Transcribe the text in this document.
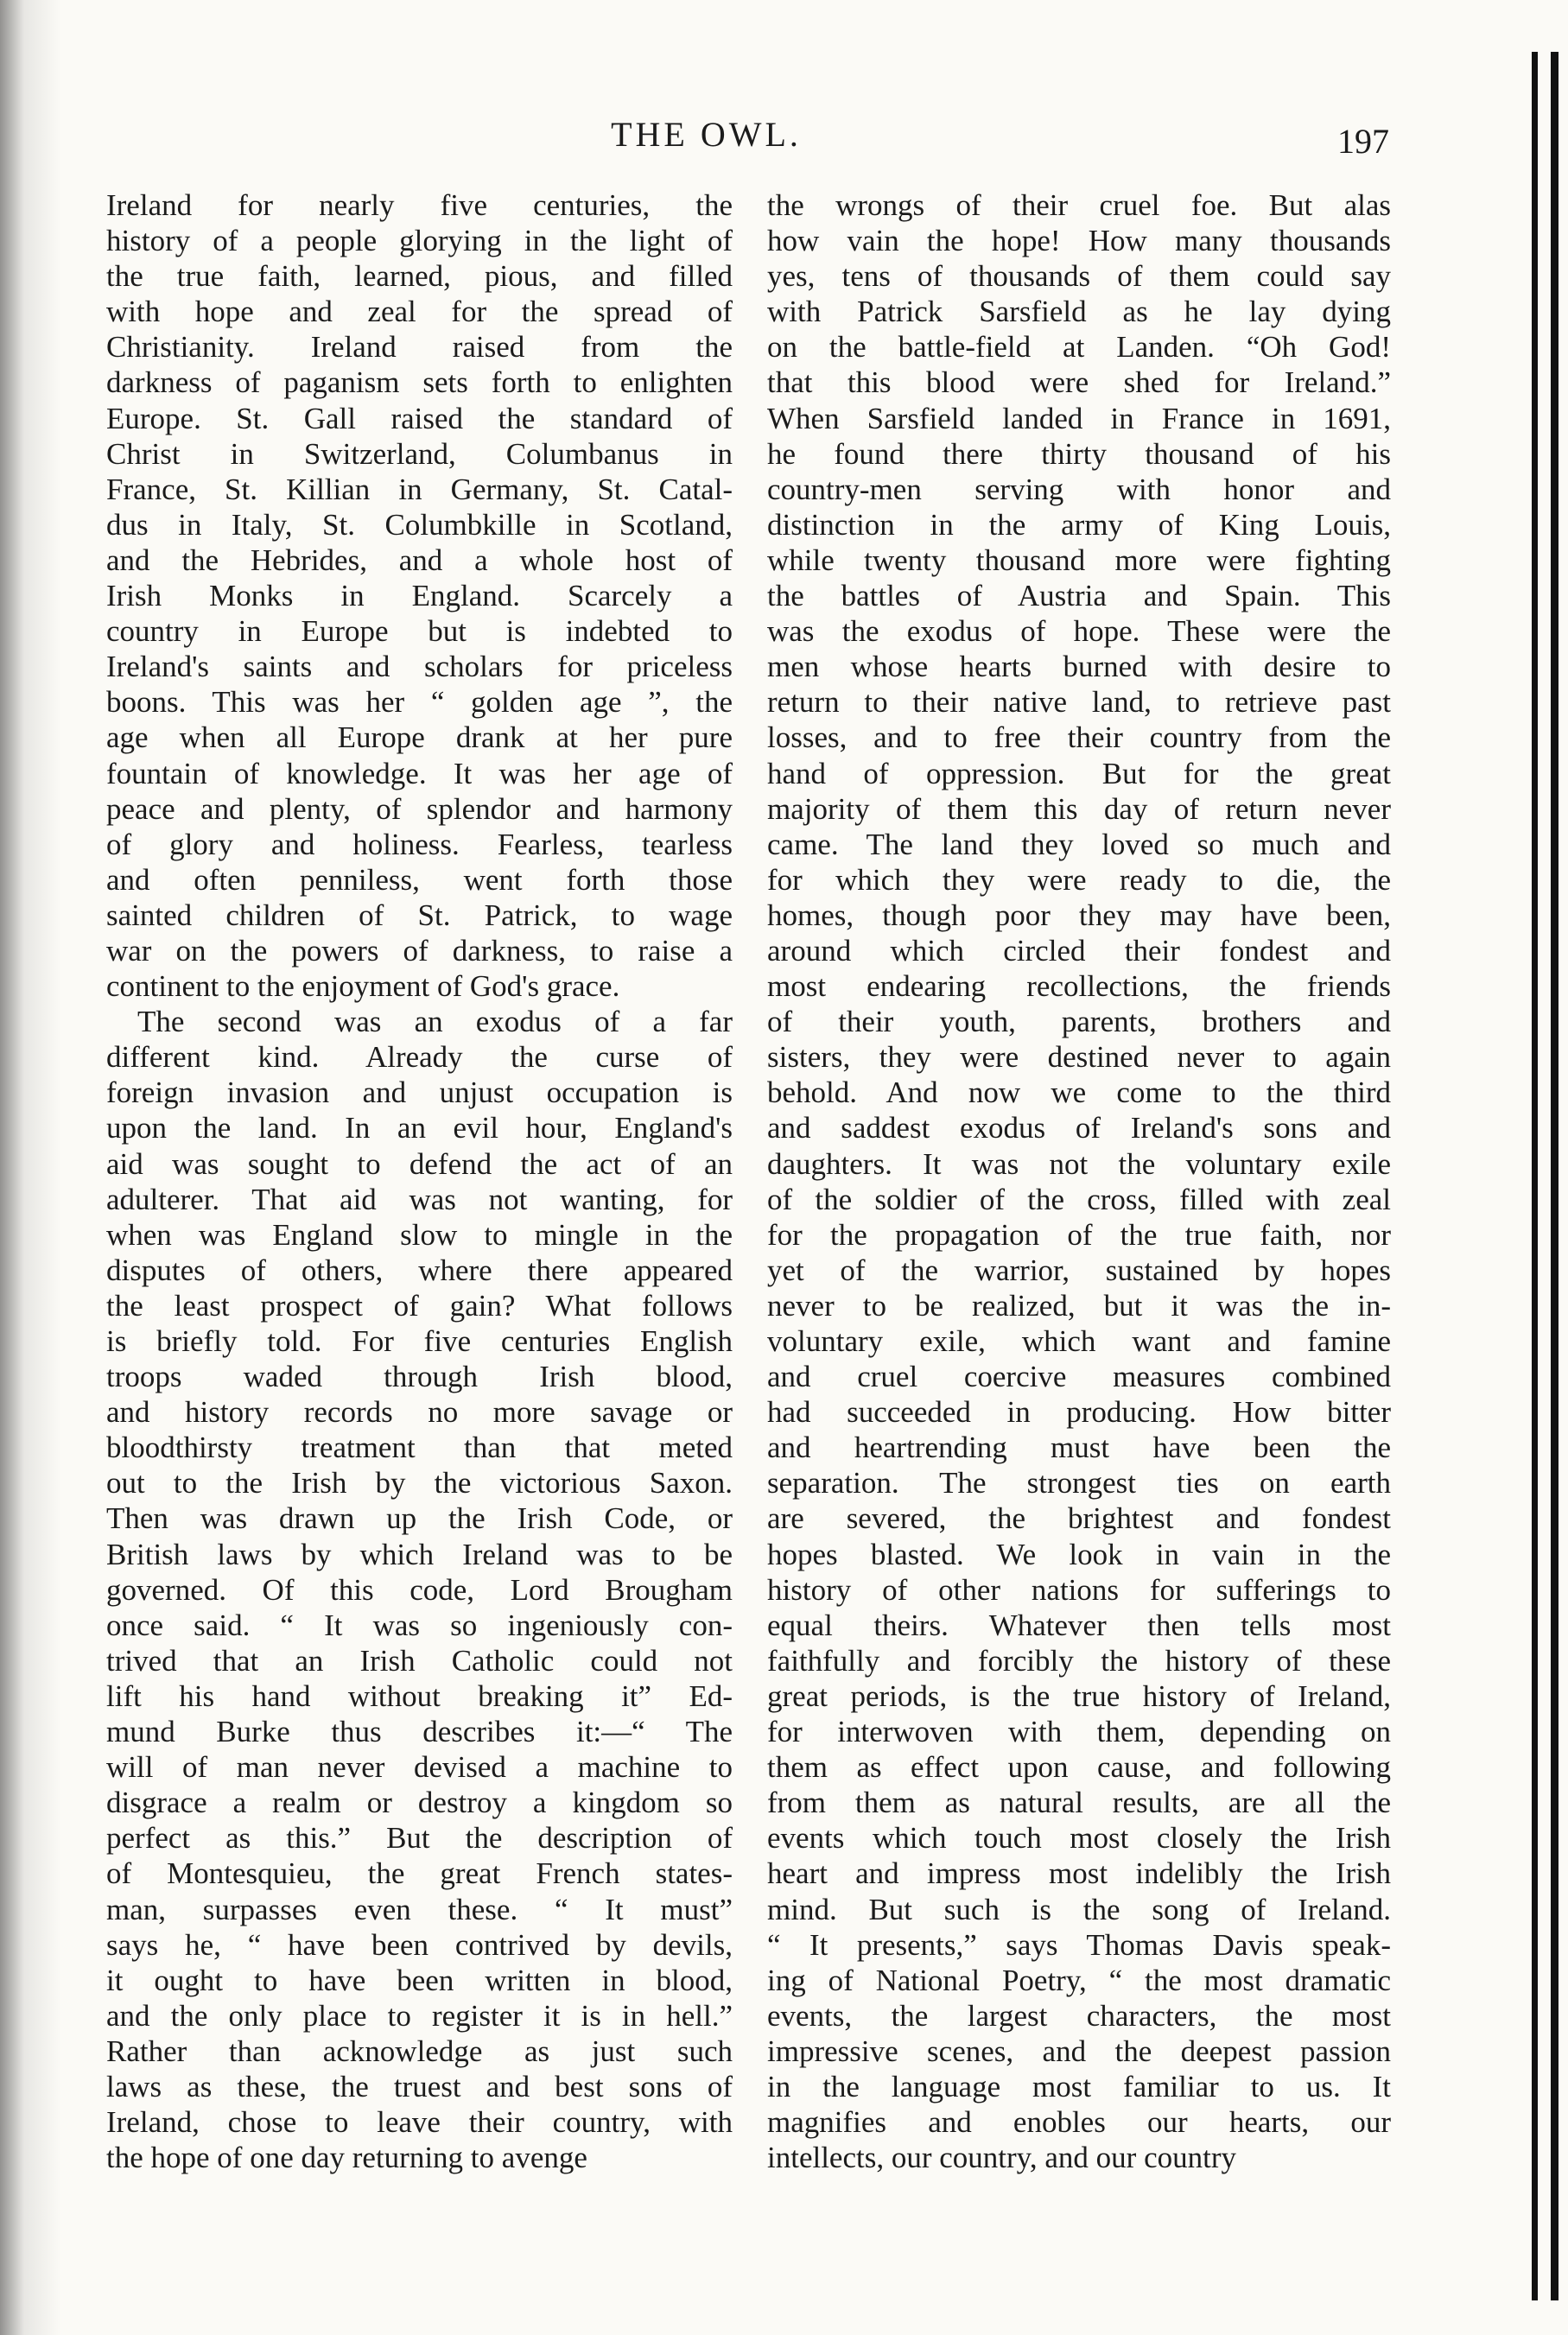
THE OWL.	197
Ireland for nearly five centuries, the
history of a people glorying in the light of
the true faith, learned, pious, and filled
with hope and zeal for the spread of
Christianity. Ireland raised from the
darkness of paganism sets forth to enlighten
Europe. St. Gall raised the standard of
Christ in Switzerland, Columbanus in
France, St. Killian in Germany, St. Catal-
dus in Italy, St. Columbkille in Scotland,
and the Hebrides, and a whole host of
Irish Monks in England. Scarcely a
country in Europe but is indebted to
Ireland's saints and scholars for priceless
boons. This was her “ golden age ”, the
age when all Europe drank at her pure
fountain of knowledge. It was her age of
peace and plenty, of splendor and harmony
of glory and holiness. Fearless, tearless
and often penniless, went forth those
sainted children of St. Patrick, to wage
war on the powers of darkness, to raise a
continent to the enjoyment of God's grace.
The second was an exodus of a far
different kind. Already the curse of
foreign invasion and unjust occupation is
upon the land. In an evil hour, England's
aid was sought to defend the act of an
adulterer. That aid was not wanting, for
when was England slow to mingle in the
disputes of others, where there appeared
the least prospect of gain? What follows
is briefly told. For five centuries English
troops waded through Irish blood,
and history records no more savage or
bloodthirsty treatment than that meted
out to the Irish by the victorious Saxon.
Then was drawn up the Irish Code, or
British laws by which Ireland was to be
governed. Of this code, Lord Brougham
once said. “ It was so ingeniously con-
trived that an Irish Catholic could not
lift his hand without breaking it” Ed-
mund Burke thus describes it:—“ The
will of man never devised a machine to
disgrace a realm or destroy a kingdom so
perfect as this.” But the description of
of Montesquieu, the great French states-
man, surpasses even these. “ It must”
says he, “ have been contrived by devils,
it ought to have been written in blood,
and the only place to register it is in hell.”
Rather than acknowledge as just such
laws as these, the truest and best sons of
Ireland, chose to leave their country, with
the hope of one day returning to avenge
the wrongs of their cruel foe. But alas
how vain the hope! How many thousands
yes, tens of thousands of them could say
with Patrick Sarsfield as he lay dying
on the battle-field at Landen. “Oh God!
that this blood were shed for Ireland.”
When Sarsfield landed in France in 1691,
he found there thirty thousand of his
country-men serving with honor and
distinction in the army of King Louis,
while twenty thousand more were fighting
the battles of Austria and Spain. This
was the exodus of hope. These were the
men whose hearts burned with desire to
return to their native land, to retrieve past
losses, and to free their country from the
hand of oppression. But for the great
majority of them this day of return never
came. The land they loved so much and
for which they were ready to die, the
homes, though poor they may have been,
around which circled their fondest and
most endearing recollections, the friends
of their youth, parents, brothers and
sisters, they were destined never to again
behold. And now we come to the third
and saddest exodus of Ireland's sons and
daughters. It was not the voluntary exile
of the soldier of the cross, filled with zeal
for the propagation of the true faith, nor
yet of the warrior, sustained by hopes
never to be realized, but it was the in-
voluntary exile, which want and famine
and cruel coercive measures combined
had succeeded in producing. How bitter
and heartrending must have been the
separation. The strongest ties on earth
are severed, the brightest and fondest
hopes blasted. We look in vain in the
history of other nations for sufferings to
equal theirs. Whatever then tells most
faithfully and forcibly the history of these
great periods, is the true history of Ireland,
for interwoven with them, depending on
them as effect upon cause, and following
from them as natural results, are all the
events which touch most closely the Irish
heart and impress most indelibly the Irish
mind. But such is the song of Ireland.
“ It presents,” says Thomas Davis speak-
ing of National Poetry, “ the most dramatic
events, the largest characters, the most
impressive scenes, and the deepest passion
in the language most familiar to us. It
magnifies and enobles our hearts, our
intellects, our country, and our country
